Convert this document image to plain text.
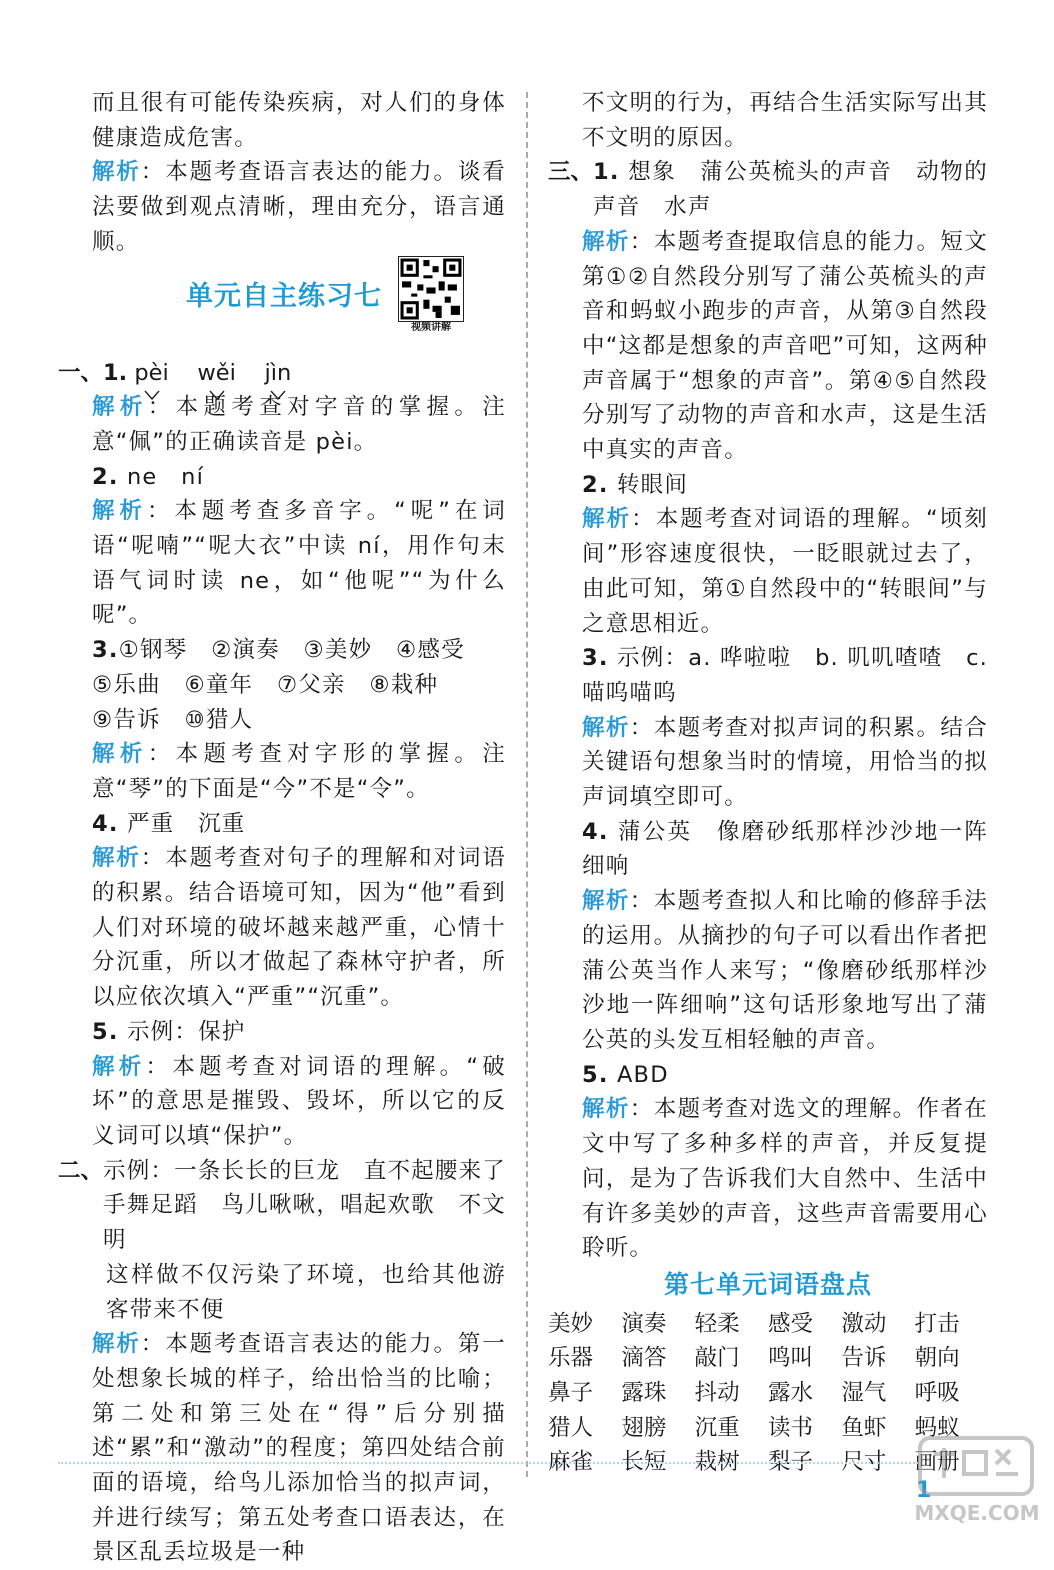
而且很有可能传染疾病，对人们的身体健康造成危害。

解析：本题考查语言表达的能力。谈看法要做到观点清晰，理由充分，语言通顺。

单元自主练习七
视频讲解
一、 1. pèi wěi jìn

解析：本题考查对字音的掌握。注意“佩”的正确读音是 pèi。

2. ne　ní

解析：本题考查多音字。“呢”在词语“呢喃”“呢大衣”中读 ní，用作句末语气词时读 ne，如“他呢”“为什么呢”。

3.①钢琴　②演奏　③美妙　④感受

⑤乐曲　⑥童年　⑦父亲　⑧栽种

⑨告诉　⑩猎人

解析：本题考查对字形的掌握。注意“琴”的下面是“今”不是“令”。

4. 严重　沉重

解析：本题考查对句子的理解和对词语的积累。结合语境可知，因为“他”看到人们对环境的破坏越来越严重，心情十分沉重，所以才做起了森林守护者，所以应依次填入“严重”“沉重”。

5. 示例：保护

解析：本题考查对词语的理解。“破坏”的意思是摧毁、毁坏，所以它的反义词可以填“保护”。

二、 示例：一条长长的巨龙　直不起腰来了　手舞足蹈　鸟儿啾啾，唱起欢歌　不文明

这样做不仅污染了环境，也给其他游客带来不便

解析：本题考查语言表达的能力。第一处想象长城的样子，给出恰当的比喻；第二处和第三处在“得”后分别描述“累”和“激动”的程度；第四处结合前面的语境，给鸟儿添加恰当的拟声词，并进行续写；第五处考查口语表达，在景区乱丢垃圾是一种

不文明的行为，再结合生活实际写出其不文明的原因。

三、 1. 想象　蒲公英梳头的声音　动物的声音　水声

解析：本题考查提取信息的能力。短文第①②自然段分别写了蒲公英梳头的声音和蚂蚁小跑步的声音，从第③自然段中“这都是想象的声音吧”可知，这两种声音属于“想象的声音”。第④⑤自然段分别写了动物的声音和水声，这是生活中真实的声音。

2. 转眼间

解析：本题考查对词语的理解。“顷刻间”形容速度很快，一眨眼就过去了，由此可知，第①自然段中的“转眼间”与之意思相近。

3. 示例：a. 哗啦啦　b. 叽叽喳喳　c. 喵呜喵呜

解析：本题考查对拟声词的积累。结合关键语句想象当时的情境，用恰当的拟声词填空即可。

4. 蒲公英　像磨砂纸那样沙沙地一阵细响

解析：本题考查拟人和比喻的修辞手法的运用。从摘抄的句子可以看出作者把蒲公英当作人来写；“像磨砂纸那样沙沙地一阵细响”这句话形象地写出了蒲公英的头发互相轻触的声音。

5. ABD

解析：本题考查对选文的理解。作者在文中写了多种多样的声音，并反复提问，是为了告诉我们大自然中、生活中有许多美妙的声音，这些声音需要用心聆听。

第七单元词语盘点
美妙	演奏	轻柔	感受	激动	打击
乐器	滴答	敲门	鸣叫	告诉	朝向
鼻子	露珠	抖动	露水	湿气	呼吸
猎人	翅膀	沉重	读书	鱼虾	蚂蚁
麻雀	长短	栽树	梨子	尺寸	画册
1
MXQE.COM
